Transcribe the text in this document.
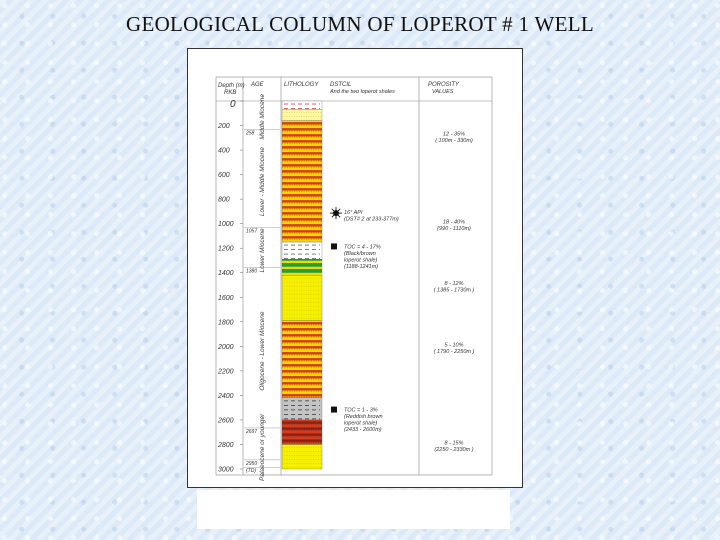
GEOLOGICAL COLUMN OF LOPEROT # 1 WELL
Depth (m)
RKB
AGE	LITHOLOGY DSTCIL
And the two loperot shales
POROSITY
VALUES
0
200
400
600
800
1000
1200
1400
1600
1800
2000
2200
2400
2600
2800
3000
258
1057
1380
2697
2950
(TD)
Middle Miocene
Lower - Middle Miocene
Lower Miocene
Oligocene - Lower Miocene
Palaeocene or younger
16° API
(DST# 2 at 233-377m)
TOC = 4 - 17%
(Black/brown
loperot shale)
(1188-1241m)
TOC = 1 - 3%
(Reddish brown
loperot shale)
(2433 - 2600m)
12 - 35%
( 100m - 330m)
18 - 40%
(990 - 1110m)
8 - 12%
( 1385 - 1730m )
5 - 10%
( 1790 - 2250m )
8 - 15%
(2250 - 2330m )
